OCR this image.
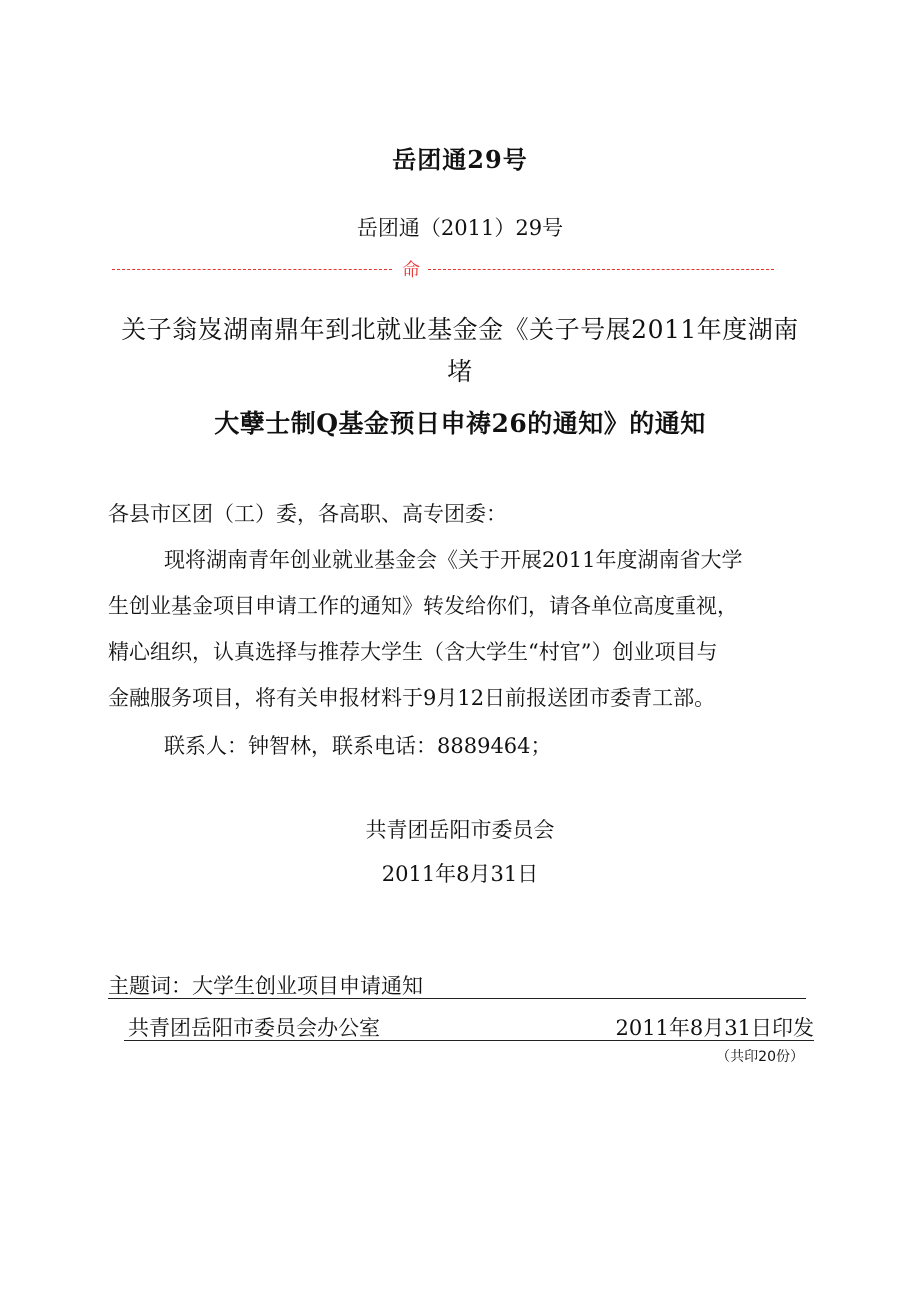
岳团通29号
岳团通（2011）29号
命
关子翁岌湖南鼎年到北就业基金金《关子号展2011年度湖南
堵
大孽士制Q基金预日申祷26的通知》的通知
各县市区团（工）委，各高职、高专团委：
现将湖南青年创业就业基金会《关于开展2011年度湖南省大学
生创业基金项目申请工作的通知》转发给你们，请各单位高度重视，
精心组织，认真选择与推荐大学生（含大学生“村官”）创业项目与
金融服务项目，将有关申报材料于9月12日前报送团市委青工部。
联系人：钟智林，联系电话：8889464；
共青团岳阳市委员会
2011年8月31日
主题词：大学生创业项目申请通知
共青团岳阳市委员会办公室	2011年8月31日印发
（共印20份）
